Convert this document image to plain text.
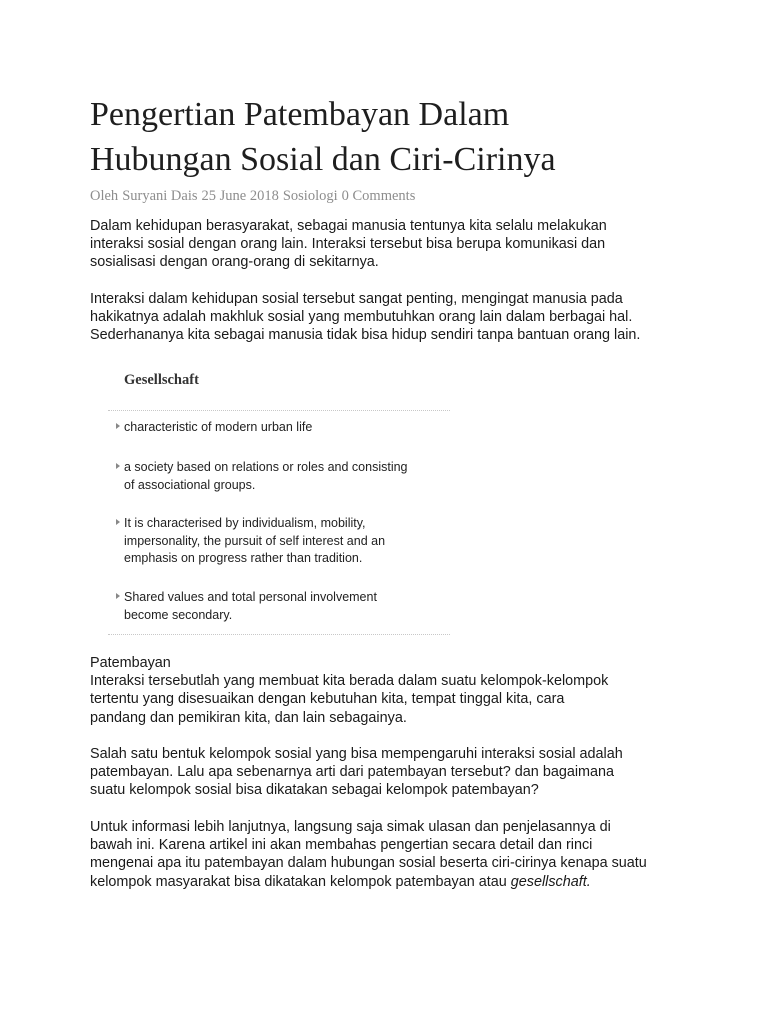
Pengertian Patembayan Dalam
Hubungan Sosial dan Ciri-Cirinya
Oleh Suryani Dais 25 June 2018 Sosiologi 0 Comments

Dalam kehidupan berasyarakat, sebagai manusia tentunya kita selalu melakukan
interaksi sosial dengan orang lain. Interaksi tersebut bisa berupa komunikasi dan
sosialisasi dengan orang-orang di sekitarnya.

Interaksi dalam kehidupan sosial tersebut sangat penting, mengingat manusia pada
hakikatnya adalah makhluk sosial yang membutuhkan orang lain dalam berbagai hal.
Sederhananya kita sebagai manusia tidak bisa hidup sendiri tanpa bantuan orang lain.

Gesellschaft
characteristic of modern urban life
a society based on relations or roles and consisting
of associational groups.
It is characterised by individualism, mobility,
impersonality, the pursuit of self interest and an
emphasis on progress rather than tradition.
Shared values and total personal involvement
become secondary.

Patembayan
Interaksi tersebutlah yang membuat kita berada dalam suatu kelompok-kelompok
tertentu yang disesuaikan dengan kebutuhan kita, tempat tinggal kita, cara
pandang dan pemikiran kita, dan lain sebagainya.

Salah satu bentuk kelompok sosial yang bisa mempengaruhi interaksi sosial adalah
patembayan. Lalu apa sebenarnya arti dari patembayan tersebut? dan bagaimana
suatu kelompok sosial bisa dikatakan sebagai kelompok patembayan?

Untuk informasi lebih lanjutnya, langsung saja simak ulasan dan penjelasannya di
bawah ini. Karena artikel ini akan membahas pengertian secara detail dan rinci
mengenai apa itu patembayan dalam hubungan sosial beserta ciri-cirinya kenapa suatu
kelompok masyarakat bisa dikatakan kelompok patembayan atau gesellschaft.
